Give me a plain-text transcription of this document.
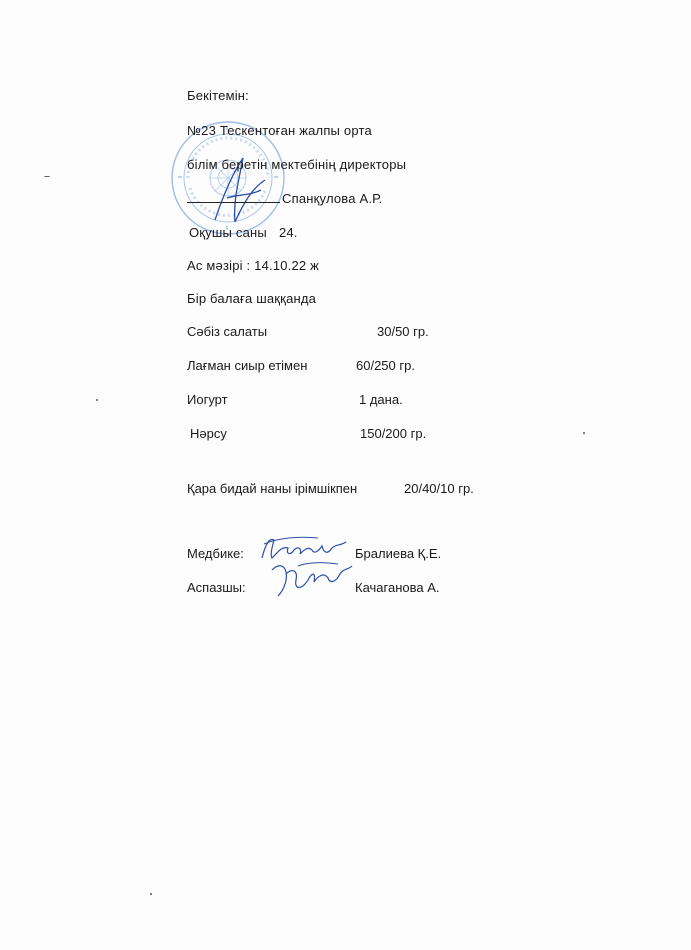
Бекітемін:
№23 Тескентоған жалпы орта
білім беретін мектебінің директоры
Спанқулова А.Р.
Оқушы саны 24.
Ас мәзірі : 14.10.22 ж
Бір балаға шаққанда
Сәбіз салаты	30/50 гр.
Лағман сиыр етімен	60/250 гр.
Иогурт	1 дана.
Нәрсу	150/200 гр.
Қара бидай наны ірімшікпен	20/40/10 гр.
Медбике:	Бралиева Қ.Е.
Аспазшы:	Качаганова А.
